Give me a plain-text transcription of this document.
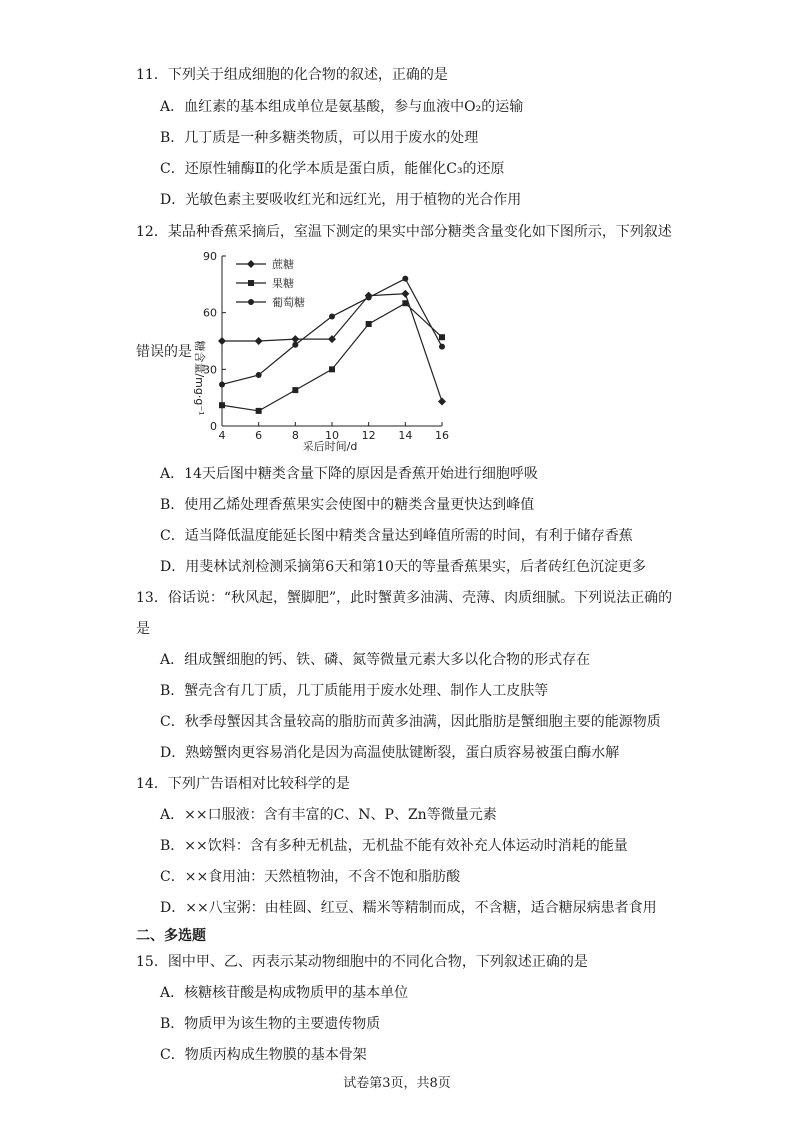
11．下列关于组成细胞的化合物的叙述，正确的是
A．血红素的基本组成单位是氨基酸，参与血液中O₂的运输
B．几丁质是一种多糖类物质，可以用于废水的处理
C．还原性辅酶Ⅱ的化学本质是蛋白质，能催化C₃的还原
D．光敏色素主要吸收红光和远红光，用于植物的光合作用
12．某品种香蕉采摘后，室温下测定的果实中部分糖类含量变化如下图所示，下列叙述
错误的是
0
30
60
90
4	6	8 10 12 14 16
蔗糖
果糖
葡萄糖
糖含量/mg·g⁻¹
采后时间/d
A．14天后图中糖类含量下降的原因是香蕉开始进行细胞呼吸
B．使用乙烯处理香蕉果实会使图中的糖类含量更快达到峰值
C．适当降低温度能延长图中精类含量达到峰值所需的时间，有利于储存香蕉
D．用斐林试剂检测采摘第6天和第10天的等量香蕉果实，后者砖红色沉淀更多
13．俗话说：“秋风起，蟹脚肥”，此时蟹黄多油满、壳薄、肉质细腻。下列说法正确的
是
A．组成蟹细胞的钙、铁、磷、氮等微量元素大多以化合物的形式存在
B．蟹壳含有几丁质，几丁质能用于废水处理、制作人工皮肤等
C．秋季母蟹因其含量较高的脂肪而黄多油满，因此脂肪是蟹细胞主要的能源物质
D．熟螃蟹肉更容易消化是因为高温使肽键断裂，蛋白质容易被蛋白酶水解
14．下列广告语相对比较科学的是
A．××口服液：含有丰富的C、N、P、Zn等微量元素
B．××饮料：含有多种无机盐，无机盐不能有效补充人体运动时消耗的能量
C．××食用油：天然植物油，不含不饱和脂肪酸
D．××八宝粥：由桂圆、红豆、糯米等精制而成，不含糖，适合糖尿病患者食用
二、多选题
15．图中甲、乙、丙表示某动物细胞中的不同化合物，下列叙述正确的是
A．核糖核苷酸是构成物质甲的基本单位
B．物质甲为该生物的主要遗传物质
C．物质丙构成生物膜的基本骨架
试卷第3页，共8页
